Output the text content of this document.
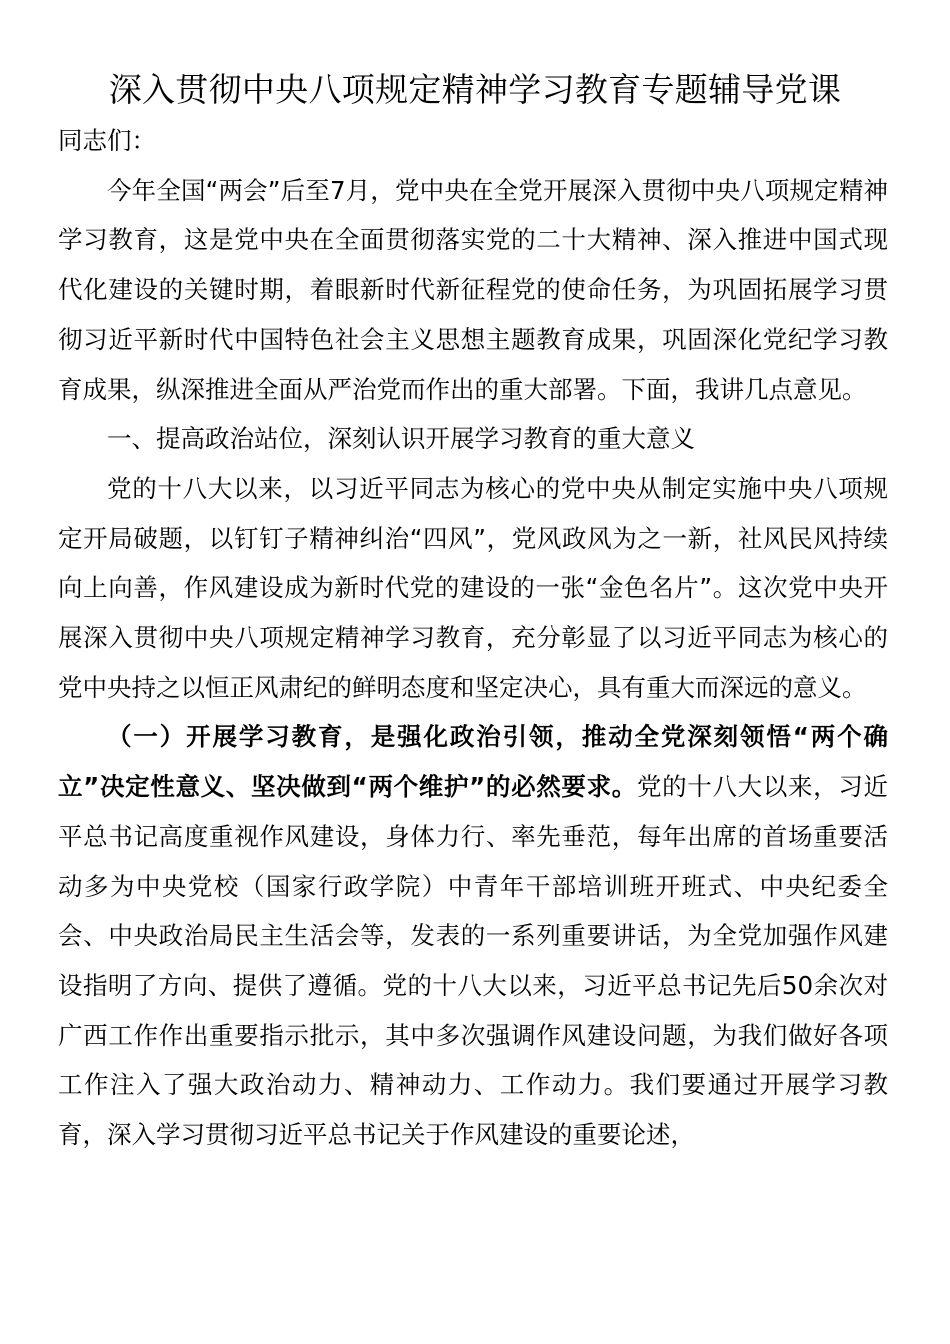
深入贯彻中央八项规定精神学习教育专题辅导党课

同志们：

今年全国“两会”后至7月，党中央在全党开展深入贯彻中央八项规定精神学习教育，这是党中央在全面贯彻落实党的二十大精神、深入推进中国式现代化建设的关键时期，着眼新时代新征程党的使命任务，为巩固拓展学习贯彻习近平新时代中国特色社会主义思想主题教育成果，巩固深化党纪学习教育成果，纵深推进全面从严治党而作出的重大部署。下面，我讲几点意见。

一、提高政治站位，深刻认识开展学习教育的重大意义

党的十八大以来，以习近平同志为核心的党中央从制定实施中央八项规定开局破题，以钉钉子精神纠治“四风”，党风政风为之一新，社风民风持续向上向善，作风建设成为新时代党的建设的一张“金色名片”。这次党中央开展深入贯彻中央八项规定精神学习教育，充分彰显了以习近平同志为核心的党中央持之以恒正风肃纪的鲜明态度和坚定决心，具有重大而深远的意义。

（一）开展学习教育，是强化政治引领，推动全党深刻领悟“两个确立”决定性意义、坚决做到“两个维护”的必然要求。党的十八大以来，习近平总书记高度重视作风建设，身体力行、率先垂范，每年出席的首场重要活动多为中央党校（国家行政学院）中青年干部培训班开班式、中央纪委全会、中央政治局民主生活会等，发表的一系列重要讲话，为全党加强作风建设指明了方向、提供了遵循。党的十八大以来，习近平总书记先后50余次对广西工作作出重要指示批示，其中多次强调作风建设问题，为我们做好各项工作注入了强大政治动力、精神动力、工作动力。我们要通过开展学习教育，深入学习贯彻习近平总书记关于作风建设的重要论述，
